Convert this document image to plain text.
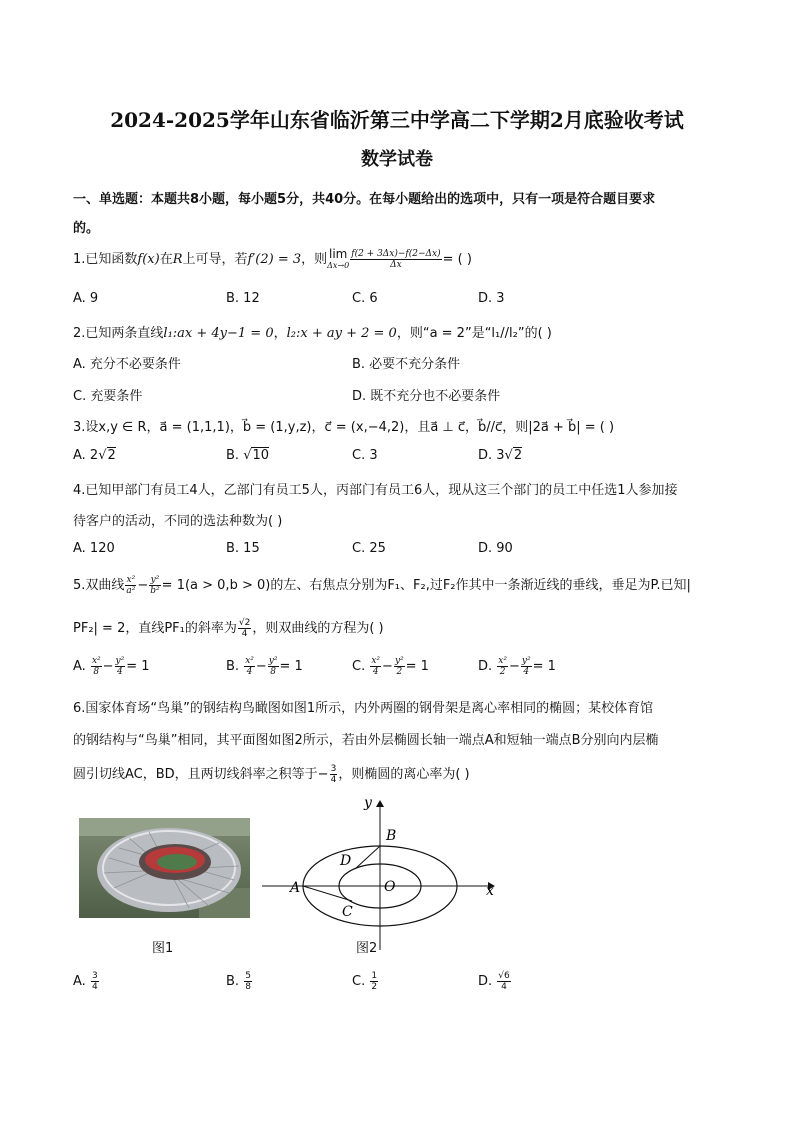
2024-2025学年山东省临沂第三中学高二下学期2月底验收考试
数学试卷
一、单选题：本题共8小题，每小题5分，共40分。在每小题给出的选项中，只有一项是符合题目要求
的。
1.已知函数f(x)在R上可导，若f′(2) = 3，则 lim
$\Delta x\to 0 \frac{f(2 + 3\Delta x)-f(2-\Delta x)}{\Delta x}$ = ( )
A. 9	B. 12	C. 6	D. 3
2.已知两条直线l₁:ax + 4y−1 = 0，l₂:x + ay + 2 = 0，则“a = 2”是“l₁//l₂”的( )
A. 充分不必要条件	B. 必要不充分条件
C. 充要条件	D. 既不充分也不必要条件
3.设x,y ∈ R，a⃗ = (1,1,1)，b⃗ = (1,y,z)，c⃗ = (x,−4,2)，且a⃗ ⊥ c⃗，b⃗//c⃗，则|2a⃗ + b⃗| = ( )
A. 2√2	B. √10	C. 3	D. 3√2
4.已知甲部门有员工4人，乙部门有员工5人，丙部门有员工6人，现从这三个部门的员工中任选1人参加接
待客户的活动，不同的选法种数为( )
A. 120	B. 15	C. 25	D. 90
5.双曲线 $\frac{\text{x²}}{\text{a²}} - \frac{\text{y²}}{\text{b²}} = 1(a > 0,b > 0)$的左、右焦点分别为F₁、F₂,过F₂作其中一条渐近线的垂线，垂足为P.已知|
PF₂| = 2，直线PF₁的斜率为 $\frac{√2}{4}$ ，则双曲线的方程为( )
A. $\frac{\text{x²}}{8} - \frac{\text{y²}}{4} = 1$	B. $\frac{\text{x²}}{4} - \frac{\text{y²}}{8} = 1$	C. $\frac{\text{x²}}{4} - \frac{\text{y²}}{2} = 1$	D. $\frac{\text{x²}}{2} - \frac{\text{y²}}{4} = 1$
6.国家体育场“鸟巢”的钢结构鸟瞰图如图1所示，内外两圈的钢骨架是离心率相同的椭圆；某校体育馆
的钢结构与“鸟巢”相同，其平面图如图2所示，若由外层椭圆长轴一端点A和短轴一端点B分别向内层椭
圆引切线AC，BD，且两切线斜率之积等于− $\frac{3}{4}$ ，则椭圆的离心率为( )
图1
y
x
B
D
A	O
C
图2
A. $\frac{3}{4}$	B. $\frac{5}{8}$	C. $\frac{1}{2}$	D. $\frac{√6}{4}$
